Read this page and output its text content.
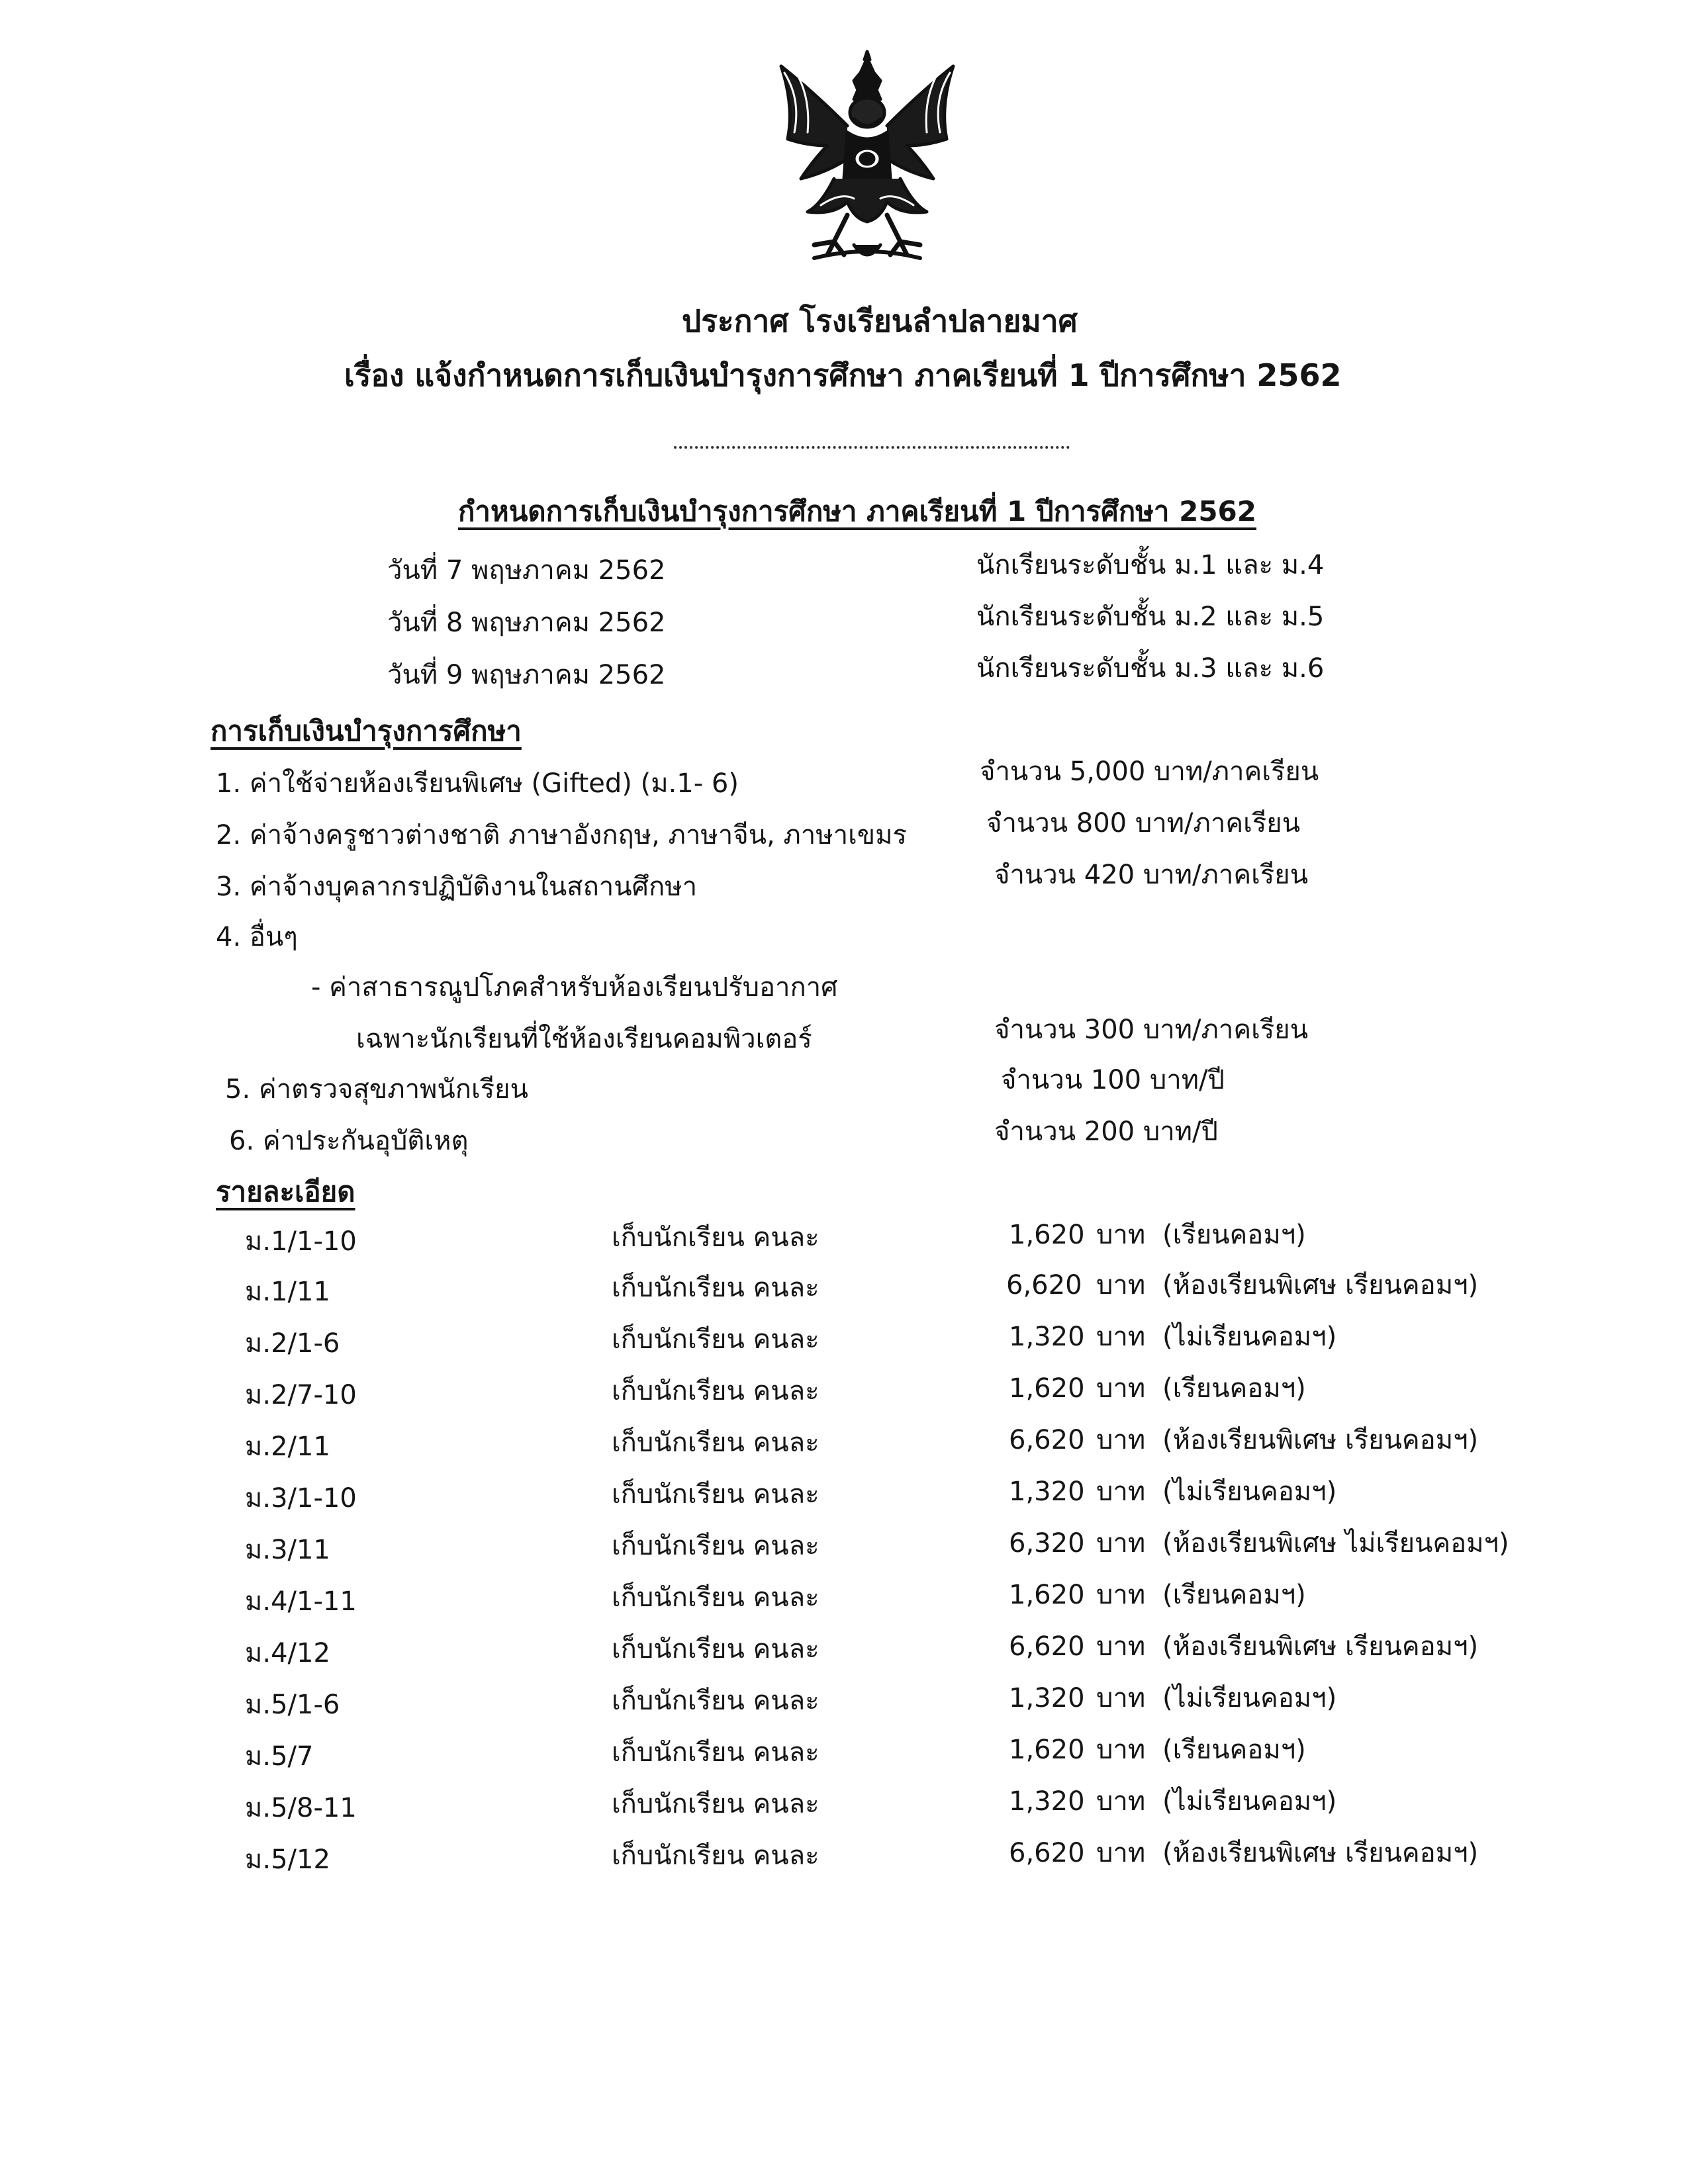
ประกาศ โรงเรียนลำปลายมาศ
เรื่อง แจ้งกำหนดการเก็บเงินบำรุงการศึกษา ภาคเรียนที่ 1 ปีการศึกษา 2562
กำหนดการเก็บเงินบำรุงการศึกษา ภาคเรียนที่ 1 ปีการศึกษา 2562
วันที่ 7 พฤษภาคม 2562	นักเรียนระดับชั้น ม.1 และ ม.4
วันที่ 8 พฤษภาคม 2562	นักเรียนระดับชั้น ม.2 และ ม.5
วันที่ 9 พฤษภาคม 2562	นักเรียนระดับชั้น ม.3 และ ม.6
การเก็บเงินบำรุงการศึกษา
1. ค่าใช้จ่ายห้องเรียนพิเศษ (Gifted) (ม.1- 6)	จำนวน 5,000 บาท/ภาคเรียน
2. ค่าจ้างครูชาวต่างชาติ ภาษาอังกฤษ, ภาษาจีน, ภาษาเขมร	จำนวน 800 บาท/ภาคเรียน
3. ค่าจ้างบุคลากรปฏิบัติงานในสถานศึกษา	จำนวน 420 บาท/ภาคเรียน
4. อื่นๆ
- ค่าสาธารณูปโภคสำหรับห้องเรียนปรับอากาศ
เฉพาะนักเรียนที่ใช้ห้องเรียนคอมพิวเตอร์	จำนวน 300 บาท/ภาคเรียน
5. ค่าตรวจสุขภาพนักเรียน	จำนวน 100 บาท/ปี
6. ค่าประกันอุบัติเหตุ	จำนวน 200 บาท/ปี
รายละเอียด
ม.1/1-10	เก็บนักเรียน คนละ	1,620 บาท (เรียนคอมฯ)
ม.1/11	เก็บนักเรียน คนละ	6,620 บาท (ห้องเรียนพิเศษ เรียนคอมฯ)
ม.2/1-6	เก็บนักเรียน คนละ	1,320 บาท (ไม่เรียนคอมฯ)
ม.2/7-10	เก็บนักเรียน คนละ	1,620 บาท (เรียนคอมฯ)
ม.2/11	เก็บนักเรียน คนละ	6,620 บาท (ห้องเรียนพิเศษ เรียนคอมฯ)
ม.3/1-10	เก็บนักเรียน คนละ	1,320 บาท (ไม่เรียนคอมฯ)
ม.3/11	เก็บนักเรียน คนละ	6,320 บาท (ห้องเรียนพิเศษ ไม่เรียนคอมฯ)
ม.4/1-11	เก็บนักเรียน คนละ	1,620 บาท (เรียนคอมฯ)
ม.4/12	เก็บนักเรียน คนละ	6,620 บาท (ห้องเรียนพิเศษ เรียนคอมฯ)
ม.5/1-6	เก็บนักเรียน คนละ	1,320 บาท (ไม่เรียนคอมฯ)
ม.5/7	เก็บนักเรียน คนละ	1,620 บาท (เรียนคอมฯ)
ม.5/8-11	เก็บนักเรียน คนละ	1,320 บาท (ไม่เรียนคอมฯ)
ม.5/12	เก็บนักเรียน คนละ	6,620 บาท (ห้องเรียนพิเศษ เรียนคอมฯ)
